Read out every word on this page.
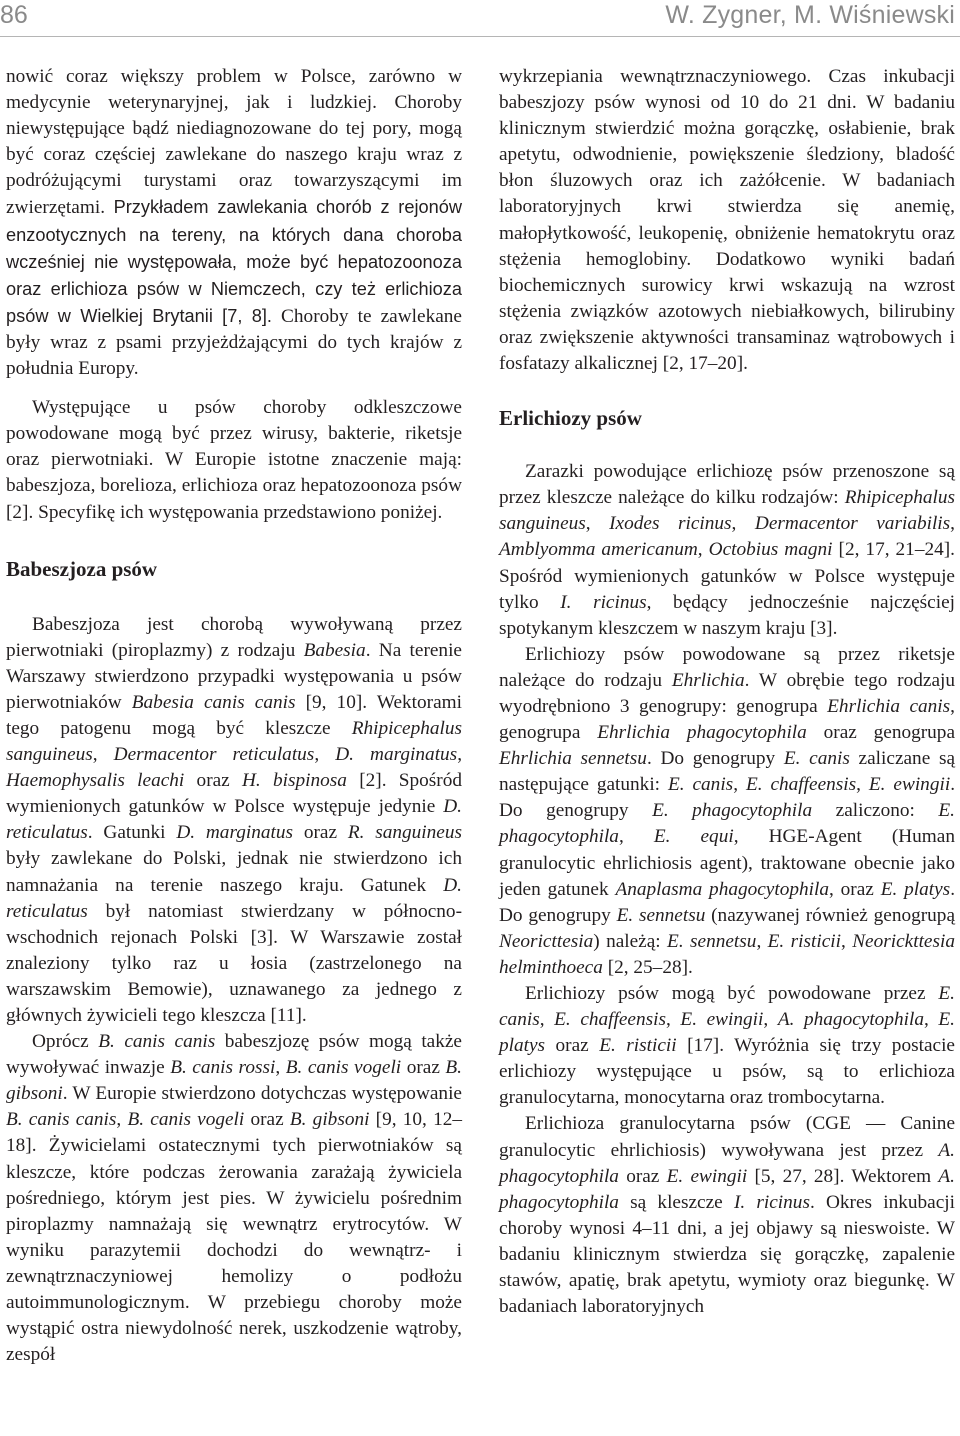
86	W. Zygner, M. Wiśniewski

nowić coraz większy problem w Polsce, zarówno w medycynie weterynaryjnej, jak i ludzkiej. Choroby niewystępujące bądź niediagnozowane do tej pory, mogą być coraz częściej zawlekane do naszego kraju wraz z podróżującymi turystami oraz towarzyszącymi im zwierzętami. Przykładem zawlekania chorób z rejonów enzootycznych na tereny, na których dana choroba wcześniej nie występowała, może być hepatozoonoza oraz erlichioza psów w Niemczech, czy też erlichioza psów w Wielkiej Brytanii [7, 8]. Choroby te zawlekane były wraz z psami przyjeżdżającymi do tych krajów z południa Europy.

Występujące u psów choroby odkleszczowe powodowane mogą być przez wirusy, bakterie, riketsje oraz pierwotniaki. W Europie istotne znaczenie mają: babeszjoza, borelioza, erlichioza oraz hepatozoonoza psów [2]. Specyfikę ich występowania przedstawiono poniżej.

Babeszjoza psów

Babeszjoza jest chorobą wywoływaną przez pierwotniaki (piroplazmy) z rodzaju Babesia. Na terenie Warszawy stwierdzono przypadki występowania u psów pierwotniaków Babesia canis canis [9, 10]. Wektorami tego patogenu mogą być kleszcze Rhipicephalus sanguineus, Dermacentor reticulatus, D. marginatus, Haemophysalis leachi oraz H. bispinosa [2]. Spośród wymienionych gatunków w Polsce występuje jedynie D. reticulatus. Gatunki D. marginatus oraz R. sanguineus były zawlekane do Polski, jednak nie stwierdzono ich namnażania na terenie naszego kraju. Gatunek D. reticulatus był natomiast stwierdzany w północno-wschodnich rejonach Polski [3]. W Warszawie został znaleziony tylko raz u łosia (zastrzelonego na warszawskim Bemowie), uznawanego za jednego z głównych żywicieli tego kleszcza [11].

Oprócz B. canis canis babeszjozę psów mogą także wywoływać inwazje B. canis rossi, B. canis vogeli oraz B. gibsoni. W Europie stwierdzono dotychczas występowanie B. canis canis, B. canis vogeli oraz B. gibsoni [9, 10, 12–18]. Żywicielami ostatecznymi tych pierwotniaków są kleszcze, które podczas żerowania zarażają żywiciela pośredniego, którym jest pies. W żywicielu pośrednim piroplazmy namnażają się wewnątrz erytrocytów. W wyniku parazytemii dochodzi do wewnątrz- i zewnątrznaczyniowej hemolizy o podłożu autoimmunologicznym. W przebiegu choroby może wystąpić ostra niewydolność nerek, uszkodzenie wątroby, zespół

wykrzepiania wewnątrznaczyniowego. Czas inkubacji babeszjozy psów wynosi od 10 do 21 dni. W badaniu klinicznym stwierdzić można gorączkę, osłabienie, brak apetytu, odwodnienie, powiększenie śledziony, bladość błon śluzowych oraz ich zażółcenie. W badaniach laboratoryjnych krwi stwierdza się anemię, małopłytkowość, leukopenię, obniżenie hematokrytu oraz stężenia hemoglobiny. Dodatkowo wyniki badań biochemicznych surowicy krwi wskazują na wzrost stężenia związków azotowych niebiałkowych, bilirubiny oraz zwiększenie aktywności transaminaz wątrobowych i fosfatazy alkalicznej [2, 17–20].

Erlichiozy psów

Zarazki powodujące erlichiozę psów przenoszone są przez kleszcze należące do kilku rodzajów: Rhipicephalus sanguineus, Ixodes ricinus, Dermacentor variabilis, Amblyomma americanum, Octobius magni [2, 17, 21–24]. Spośród wymienionych gatunków w Polsce występuje tylko I. ricinus, będący jednocześnie najczęściej spotykanym kleszczem w naszym kraju [3].

Erlichiozy psów powodowane są przez riketsje należące do rodzaju Ehrlichia. W obrębie tego rodzaju wyodrębniono 3 genogrupy: genogrupa Ehrlichia canis, genogrupa Ehrlichia phagocytophila oraz genogrupa Ehrlichia sennetsu. Do genogrupy E. canis zaliczane są następujące gatunki: E. canis, E. chaffeensis, E. ewingii. Do genogrupy E. phagocytophila zaliczono: E. phagocytophila, E. equi, HGE-Agent (Human granulocytic ehrlichiosis agent), traktowane obecnie jako jeden gatunek Anaplasma phagocytophila, oraz E. platys. Do genogrupy E. sennetsu (nazywanej również genogrupą Neoricttesia) należą: E. sennetsu, E. risticii, Neorickttesia helminthoeca [2, 25–28].

Erlichiozy psów mogą być powodowane przez E. canis, E. chaffeensis, E. ewingii, A. phagocytophila, E. platys oraz E. risticii [17]. Wyróżnia się trzy postacie erlichiozy występujące u psów, są to erlichioza granulocytarna, monocytarna oraz trombocytarna.

Erlichioza granulocytarna psów (CGE — Canine granulocytic ehrlichiosis) wywoływana jest przez A. phagocytophila oraz E. ewingii [5, 27, 28]. Wektorem A. phagocytophila są kleszcze I. ricinus. Okres inkubacji choroby wynosi 4–11 dni, a jej objawy są nieswoiste. W badaniu klinicznym stwierdza się gorączkę, zapalenie stawów, apatię, brak apetytu, wymioty oraz biegunkę. W badaniach laboratoryjnych
